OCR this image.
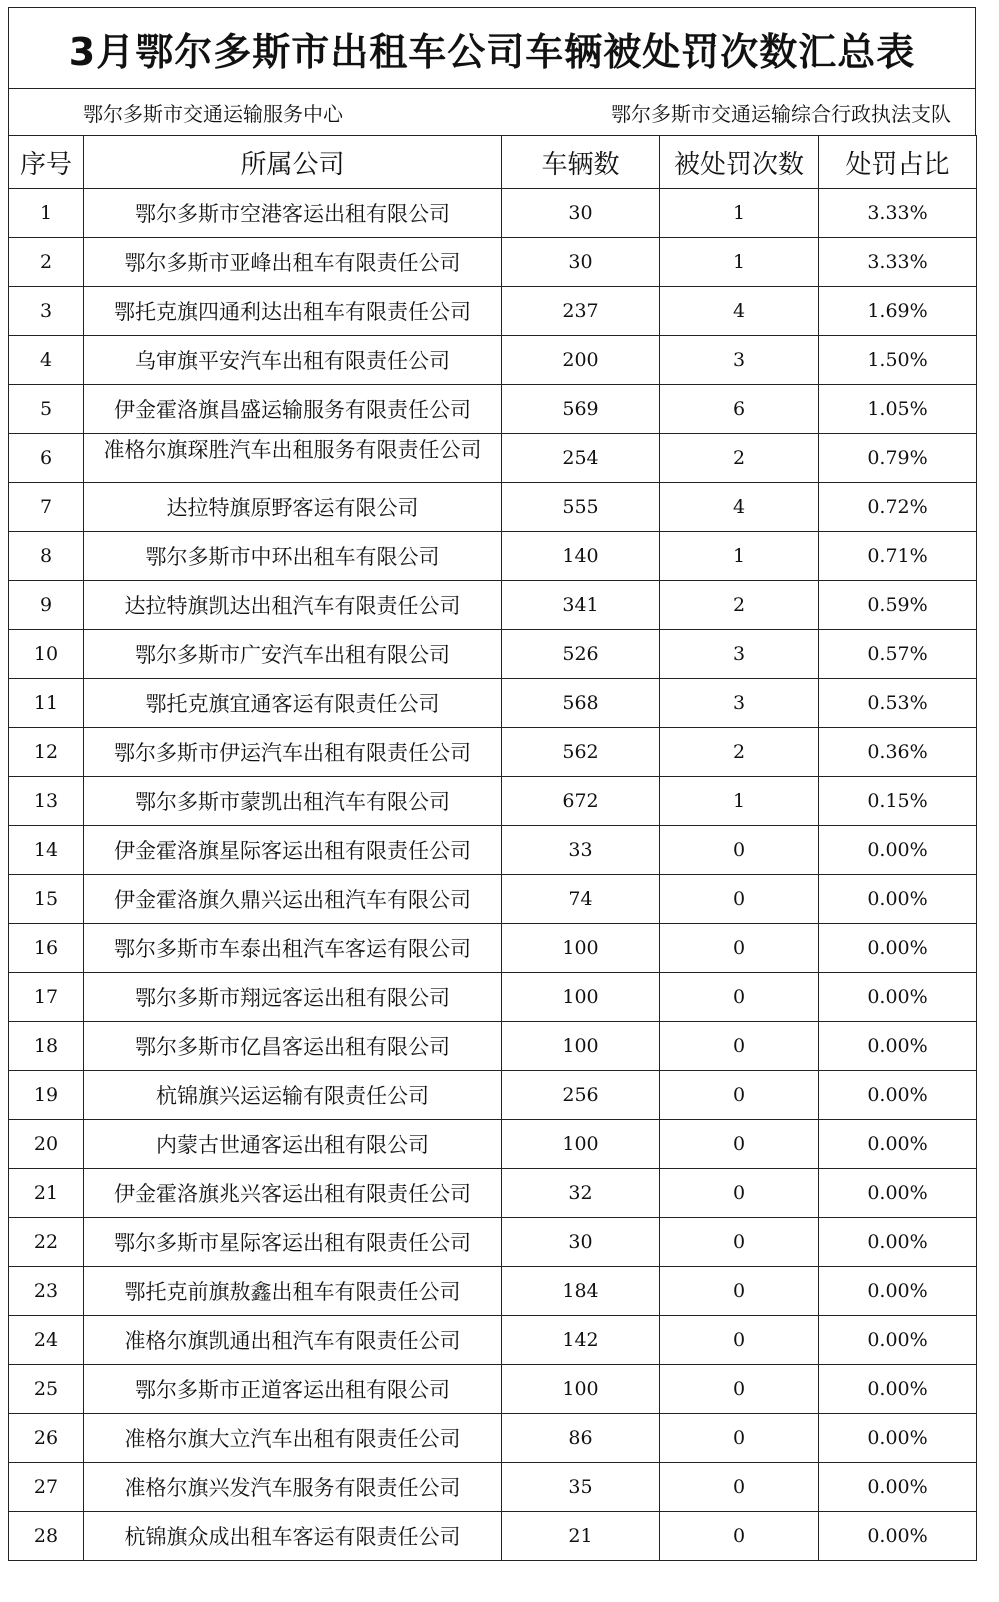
3月鄂尔多斯市出租车公司车辆被处罚次数汇总表
鄂尔多斯市交通运输服务中心	鄂尔多斯市交通运输综合行政执法支队
序号	所属公司	车辆数	被处罚次数	处罚占比
1	鄂尔多斯市空港客运出租有限公司	30	1	3.33%
2	鄂尔多斯市亚峰出租车有限责任公司	30	1	3.33%
3	鄂托克旗四通利达出租车有限责任公司	237	4	1.69%
4	乌审旗平安汽车出租有限责任公司	200	3	1.50%
5	伊金霍洛旗昌盛运输服务有限责任公司	569	6	1.05%
6	准格尔旗琛胜汽车出租服务有限责任公司	254	2	0.79%
7	达拉特旗原野客运有限公司	555	4	0.72%
8	鄂尔多斯市中环出租车有限公司	140	1	0.71%
9	达拉特旗凯达出租汽车有限责任公司	341	2	0.59%
10	鄂尔多斯市广安汽车出租有限公司	526	3	0.57%
11	鄂托克旗宜通客运有限责任公司	568	3	0.53%
12	鄂尔多斯市伊运汽车出租有限责任公司	562	2	0.36%
13	鄂尔多斯市蒙凯出租汽车有限公司	672	1	0.15%
14	伊金霍洛旗星际客运出租有限责任公司	33	0	0.00%
15	伊金霍洛旗久鼎兴运出租汽车有限公司	74	0	0.00%
16	鄂尔多斯市车泰出租汽车客运有限公司	100	0	0.00%
17	鄂尔多斯市翔远客运出租有限公司	100	0	0.00%
18	鄂尔多斯市亿昌客运出租有限公司	100	0	0.00%
19	杭锦旗兴运运输有限责任公司	256	0	0.00%
20	内蒙古世通客运出租有限公司	100	0	0.00%
21	伊金霍洛旗兆兴客运出租有限责任公司	32	0	0.00%
22	鄂尔多斯市星际客运出租有限责任公司	30	0	0.00%
23	鄂托克前旗敖鑫出租车有限责任公司	184	0	0.00%
24	准格尔旗凯通出租汽车有限责任公司	142	0	0.00%
25	鄂尔多斯市正道客运出租有限公司	100	0	0.00%
26	准格尔旗大立汽车出租有限责任公司	86	0	0.00%
27	准格尔旗兴发汽车服务有限责任公司	35	0	0.00%
28	杭锦旗众成出租车客运有限责任公司	21	0	0.00%
